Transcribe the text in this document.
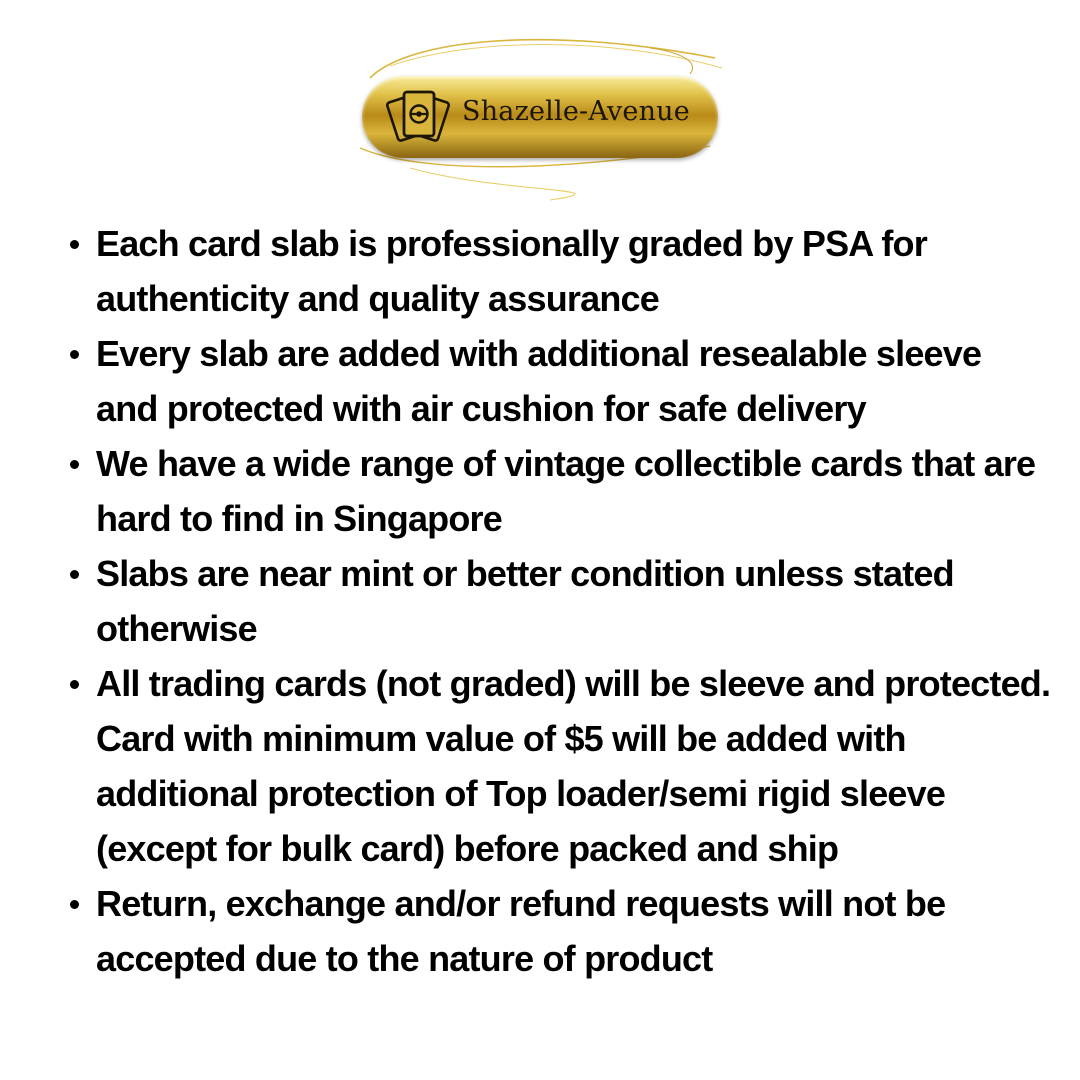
Shazelle-Avenue
Each card slab is professionally graded by PSA for authenticity and quality assurance
Every slab are added with additional resealable sleeve and protected with air cushion for safe delivery
We have a wide range of vintage collectible cards that are hard to find in Singapore
Slabs are near mint or better condition unless stated otherwise
All trading cards (not graded) will be sleeve and protected. Card with minimum value of $5 will be added with additional protection of Top loader/semi rigid sleeve (except for bulk card) before packed and ship
Return, exchange and/or refund requests will not be accepted due to the nature of product
